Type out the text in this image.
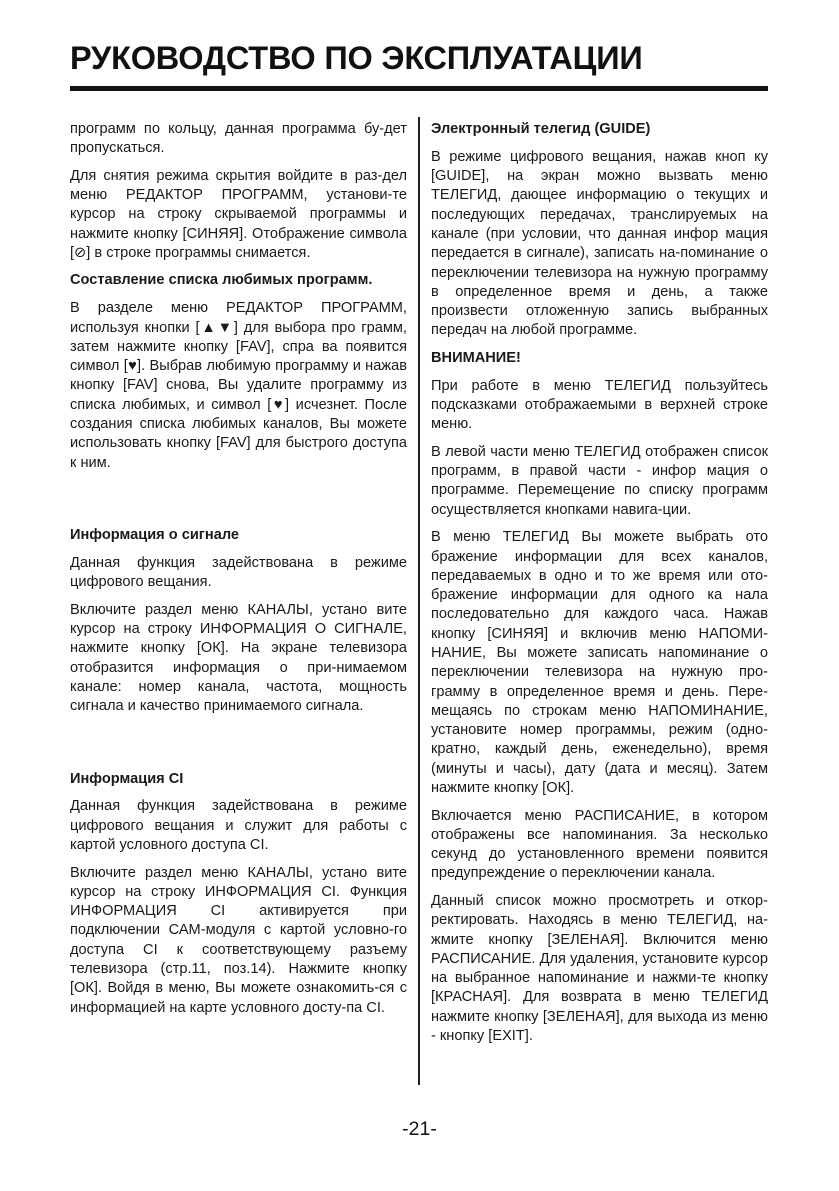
РУКОВОДСТВО ПО ЭКСПЛУАТАЦИИ

программ по кольцу, данная программа бу-дет пропускаться.

Для снятия режима скрытия войдите в раз-дел меню РЕДАКТОР ПРОГРАММ, установи-те курсор на строку скрываемой программы и нажмите кнопку [СИНЯЯ]. Отображение символа [⊘] в строке программы снимается.

Составление списка любимых программ.

В разделе меню РЕДАКТОР ПРОГРАММ, используя кнопки [▲▼] для выбора про грамм, затем нажмите кнопку [FAV], спра ва появится символ [♥]. Выбрав любимую программу и нажав кнопку [FAV] снова, Вы удалите программу из списка любимых, и символ [♥] исчезнет. После создания списка любимых каналов, Вы можете использовать кнопку [FAV] для быстрого доступа к ним.

Информация о сигнале

Данная функция задействована в режиме цифрового вещания.

Включите раздел меню КАНАЛЫ, устано вите курсор на строку ИНФОРМАЦИЯ О СИГНАЛЕ, нажмите кнопку [ОК]. На экране телевизора отобразится информация о при-нимаемом канале: номер канала, частота, мощность сигнала и качество принимаемого сигнала.

Информация CI

Данная функция задействована в режиме цифрового вещания и служит для работы с картой условного доступа CI.

Включите раздел меню КАНАЛЫ, устано вите курсор на строку ИНФОРМАЦИЯ CI. Функция ИНФОРМАЦИЯ CI активируется при подключении САМ-модуля с картой условно-го доступа CI к соответствующему разъему телевизора (стр.11, поз.14). Нажмите кнопку [ОК]. Войдя в меню, Вы можете ознакомить-ся с информацией на карте условного досту-па CI.

Электронный телегид (GUIDE)

В режиме цифрового вещания, нажав кноп ку [GUIDE], на экран можно вызвать меню ТЕЛЕГИД, дающее информацию о текущих и последующих передачах, транслируемых на канале (при условии, что данная инфор мация передается в сигнале), записать на-поминание о переключении телевизора на нужную программу в определенное время и день, а также произвести отложенную запись выбранных передач на любой программе.

ВНИМАНИЕ!

При работе в меню ТЕЛЕГИД пользуйтесь подсказками отображаемыми в верхней строке меню.

В левой части меню ТЕЛЕГИД отображен список программ, в правой части - инфор мация о программе. Перемещение по списку программ осуществляется кнопками навига-ции.

В меню ТЕЛЕГИД Вы можете выбрать ото бражение информации для всех каналов, передаваемых в одно и то же время или ото-бражение информации для одного ка нала последовательно для каждого часа. Нажав кнопку [СИНЯЯ] и включив меню НАПОМИ-НАНИЕ, Вы можете записать напоминание о переключении телевизора на нужную про-грамму в определенное время и день. Пере-мещаясь по строкам меню НАПОМИНАНИЕ, установите номер программы, режим (одно-кратно, каждый день, еженедельно), время (минуты и часы), дату (дата и месяц). Затем нажмите кнопку [ОК].

Включается меню РАСПИСАНИЕ, в котором отображены все напоминания. За несколько секунд до установленного времени появится предупреждение о переключении канала.

Данный список можно просмотреть и откор-ректировать. Находясь в меню ТЕЛЕГИД, на-жмите кнопку [ЗЕЛЕНАЯ]. Включится меню РАСПИСАНИЕ. Для удаления, установите курсор на выбранное напоминание и нажми-те кнопку [КРАСНАЯ]. Для возврата в меню ТЕЛЕГИД нажмите кнопку [ЗЕЛЕНАЯ], для выхода из меню - кнопку [EXIT].

-21-
